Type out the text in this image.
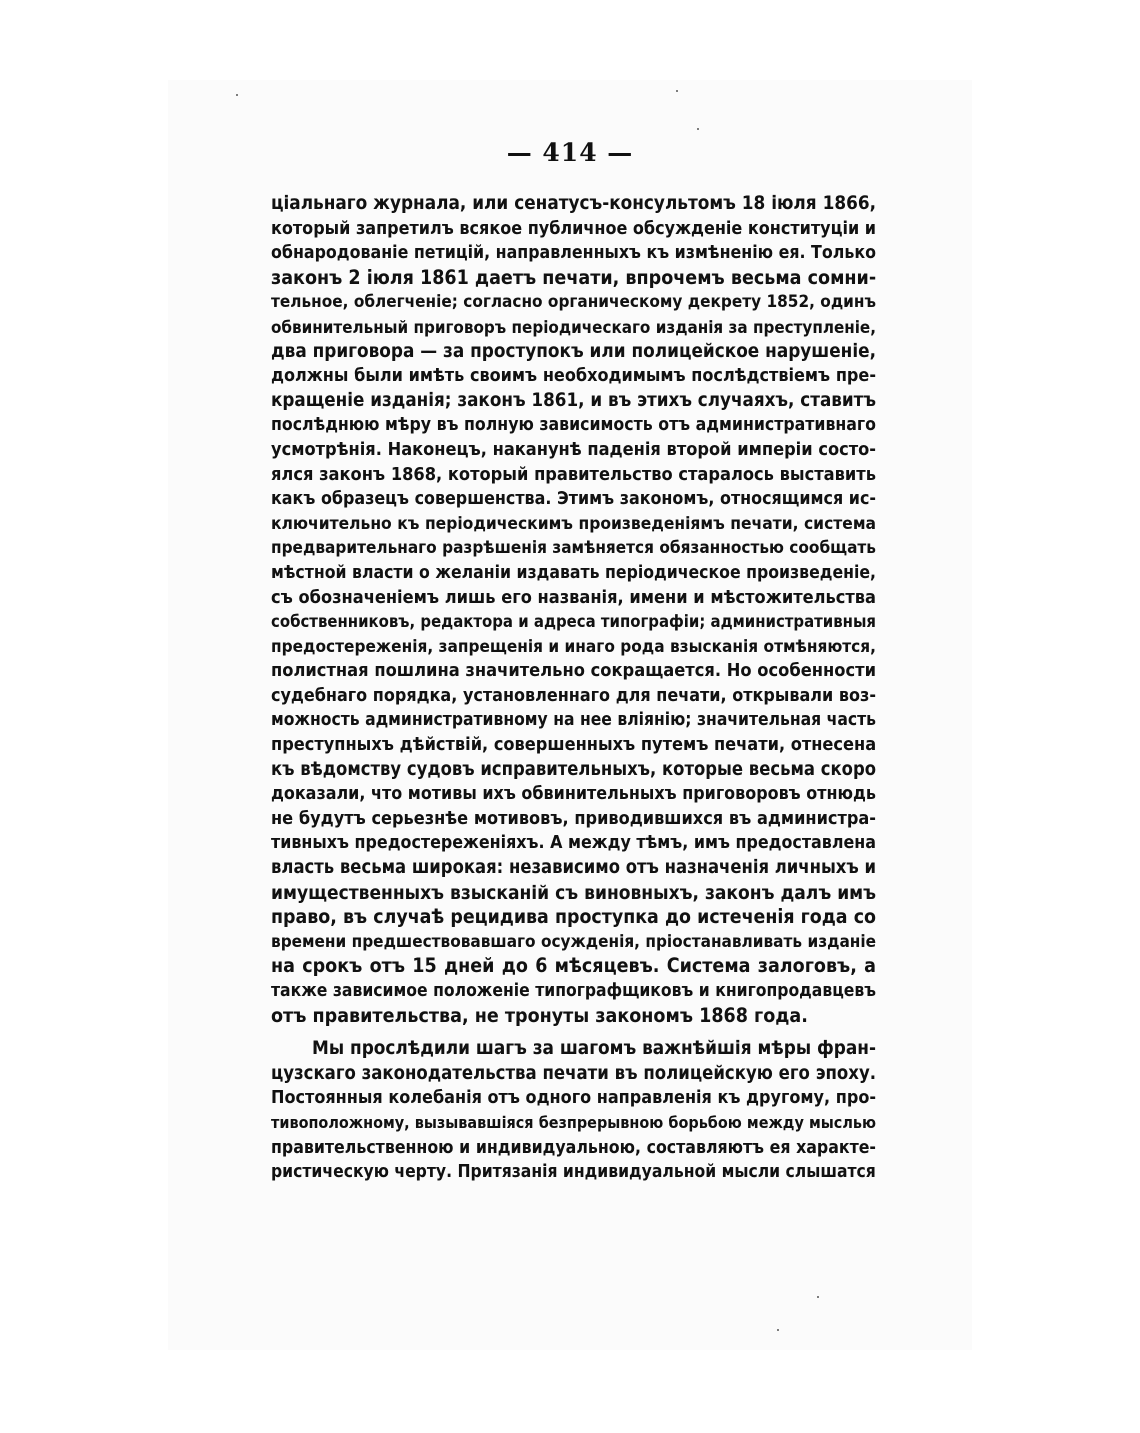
— 414 —
ціальнаго журнала, или сенатусъ-консультомъ 18 іюля 1866,
который запретилъ всякое публичное обсужденіе конституціи и
обнародованіе петицій, направленныхъ къ измѣненію ея. Только
законъ 2 іюля 1861 даетъ печати, впрочемъ весьма сомни-
тельное, облегченіе; согласно органическому декрету 1852, одинъ
обвинительный приговоръ періодическаго изданія за преступленіе,
два приговора — за проступокъ или полицейское нарушеніе,
должны были имѣть своимъ необходимымъ послѣдствіемъ пре-
кращеніе изданія; законъ 1861, и въ этихъ случаяхъ, ставитъ
послѣднюю мѣру въ полную зависимость отъ административнаго
усмотрѣнія. Наконецъ, наканунѣ паденія второй имперіи состо-
ялся законъ 1868, который правительство старалось выставить
какъ образецъ совершенства. Этимъ закономъ, относящимся ис-
ключительно къ періодическимъ произведеніямъ печати, система
предварительнаго разрѣшенія замѣняется обязанностью сообщать
мѣстной власти о желаніи издавать періодическое произведеніе,
съ обозначеніемъ лишь его названія, имени и мѣстожительства
собственниковъ, редактора и адреса типографіи; административныя
предостереженія, запрещенія и инаго рода взысканія отмѣняются,
полистная пошлина значительно сокращается. Но особенности
судебнаго порядка, установленнаго для печати, открывали воз-
можность административному на нее вліянію; значительная часть
преступныхъ дѣйствій, совершенныхъ путемъ печати, отнесена
къ вѣдомству судовъ исправительныхъ, которые весьма скоро
доказали, что мотивы ихъ обвинительныхъ приговоровъ отнюдь
не будутъ серьезнѣе мотивовъ, приводившихся въ администра-
тивныхъ предостереженіяхъ. А между тѣмъ, имъ предоставлена
власть весьма широкая: независимо отъ назначенія личныхъ и
имущественныхъ взысканій съ виновныхъ, законъ далъ имъ
право, въ случаѣ рецидива проступка до истеченія года со
времени предшествовавшаго осужденія, пріостанавливать изданіе
на срокъ отъ 15 дней до 6 мѣсяцевъ. Система залоговъ, а
также зависимое положеніе типографщиковъ и книгопродавцевъ
отъ правительства, не тронуты закономъ 1868 года.
Мы прослѣдили шагъ за шагомъ важнѣйшія мѣры фран-
цузскаго законодательства печати въ полицейскую его эпоху.
Постоянныя колебанія отъ одного направленія къ другому, про-
тивоположному, вызывавшіяся безпрерывною борьбою между мыслью
правительственною и индивидуальною, составляютъ ея характе-
ристическую черту. Притязанія индивидуальной мысли слышатся
